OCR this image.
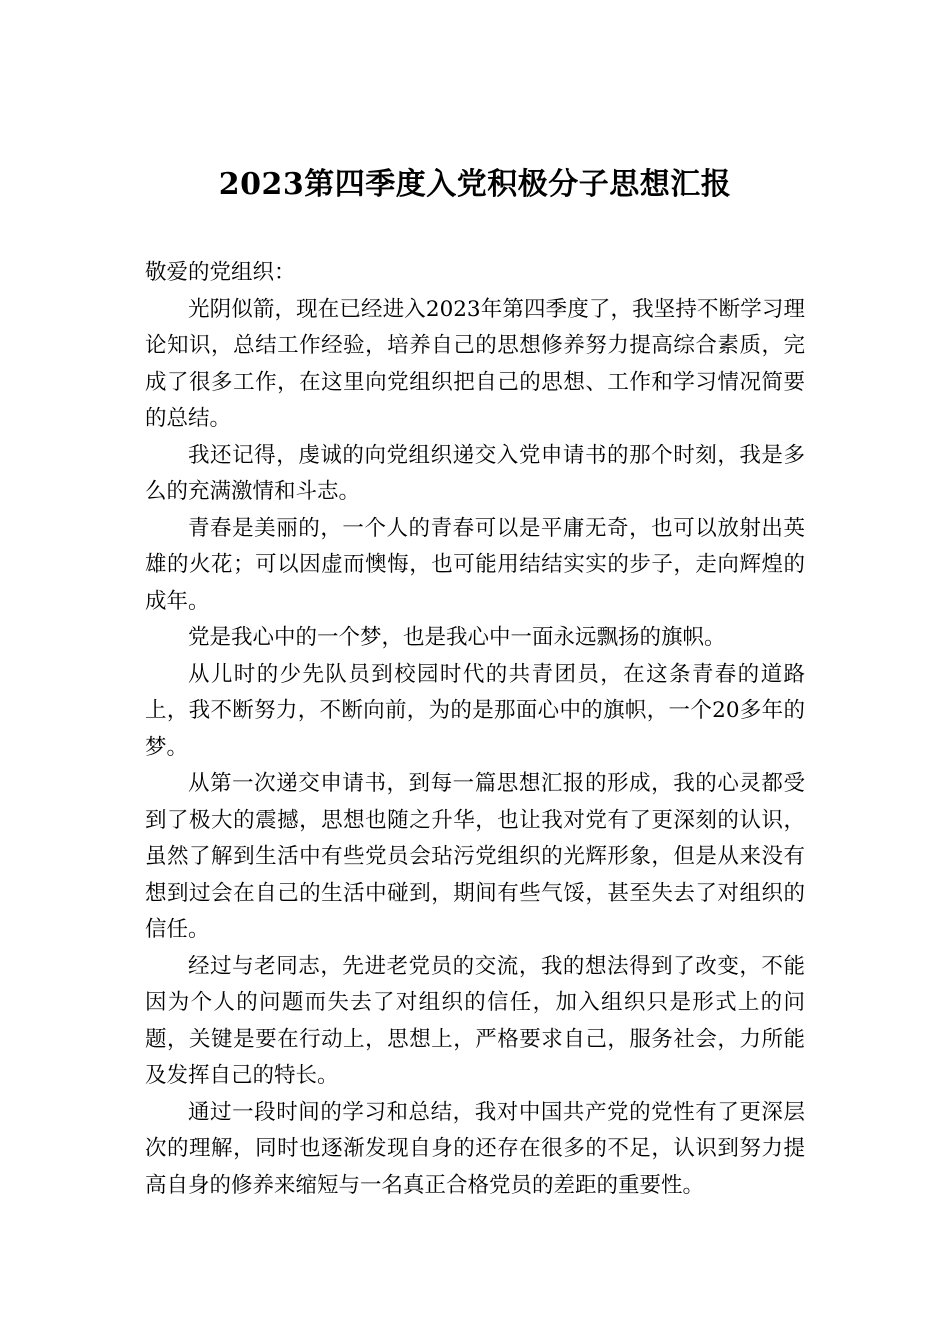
2023第四季度入党积极分子思想汇报

敬爱的党组织：

光阴似箭，现在已经进入2023年第四季度了，我坚持不断学习理论知识，总结工作经验，培养自己的思想修养努力提高综合素质，完成了很多工作，在这里向党组织把自己的思想、工作和学习情况简要的总结。

我还记得，虔诚的向党组织递交入党申请书的那个时刻，我是多么的充满激情和斗志。

青春是美丽的，一个人的青春可以是平庸无奇，也可以放射出英雄的火花；可以因虚而懊悔，也可能用结结实实的步子，走向辉煌的成年。

党是我心中的一个梦，也是我心中一面永远飘扬的旗帜。

从儿时的少先队员到校园时代的共青团员，在这条青春的道路上，我不断努力，不断向前，为的是那面心中的旗帜，一个20多年的梦。

从第一次递交申请书，到每一篇思想汇报的形成，我的心灵都受到了极大的震撼，思想也随之升华，也让我对党有了更深刻的认识，虽然了解到生活中有些党员会玷污党组织的光辉形象，但是从来没有想到过会在自己的生活中碰到，期间有些气馁，甚至失去了对组织的信任。

经过与老同志，先进老党员的交流，我的想法得到了改变，不能因为个人的问题而失去了对组织的信任，加入组织只是形式上的问题，关键是要在行动上，思想上，严格要求自己，服务社会，力所能及发挥自己的特长。

通过一段时间的学习和总结，我对中国共产党的党性有了更深层次的理解，同时也逐渐发现自身的还存在很多的不足，认识到努力提高自身的修养来缩短与一名真正合格党员的差距的重要性。
